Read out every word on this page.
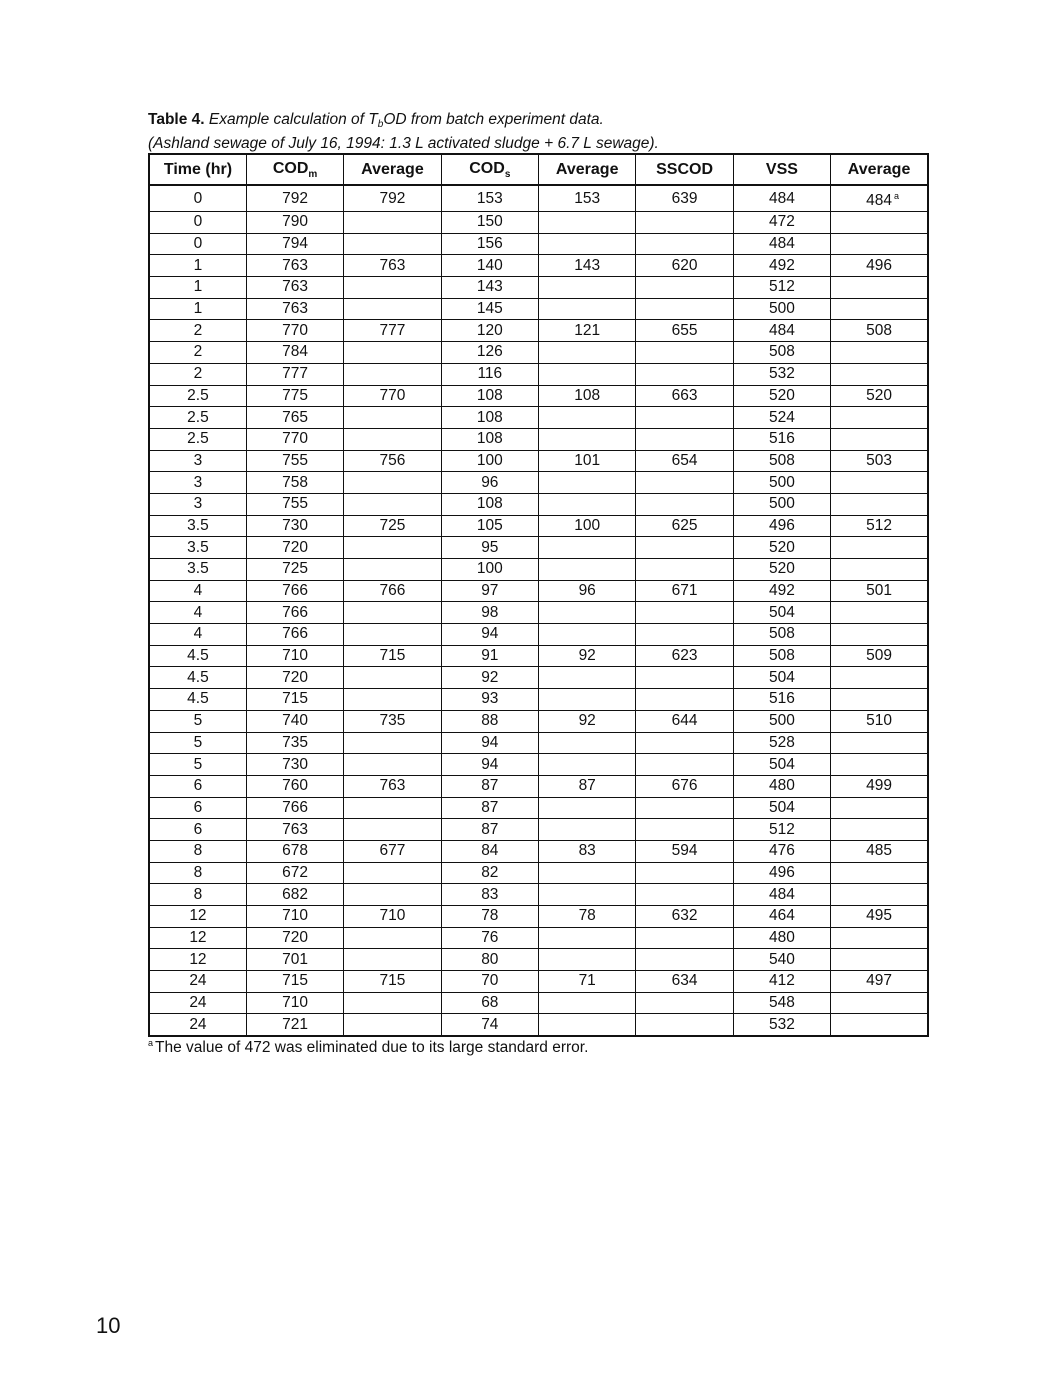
Table 4. Example calculation of $T_bOD$ from batch experiment data.
(Ashland sewage of July 16, 1994: 1.3 L activated sludge + 6.7 L sewage).
Time (hr)	$COD_m$	Average	$COD_s$	Average	SSCOD	VSS	Average
0	792	792	153	153	639	484	484 $^a$
0	790		150			472	
0	794		156			484	
1	763	763	140	143	620	492	496
1	763		143			512	
1	763		145			500	
2	770	777	120	121	655	484	508
2	784		126			508	
2	777		116			532	
2.5	775	770	108	108	663	520	520
2.5	765		108			524	
2.5	770		108			516	
3	755	756	100	101	654	508	503
3	758		96			500	
3	755		108			500	
3.5	730	725	105	100	625	496	512
3.5	720		95			520	
3.5	725		100			520	
4	766	766	97	96	671	492	501
4	766		98			504	
4	766		94			508	
4.5	710	715	91	92	623	508	509
4.5	720		92			504	
4.5	715		93			516	
5	740	735	88	92	644	500	510
5	735		94			528	
5	730		94			504	
6	760	763	87	87	676	480	499
6	766		87			504	
6	763		87			512	
8	678	677	84	83	594	476	485
8	672		82			496	
8	682		83			484	
12	710	710	78	78	632	464	495
12	720		76			480	
12	701		80			540	
24	715	715	70	71	634	412	497
24	710		68			548	
24	721		74			532	
$^a$ The value of 472 was eliminated due to its large standard error.
10
